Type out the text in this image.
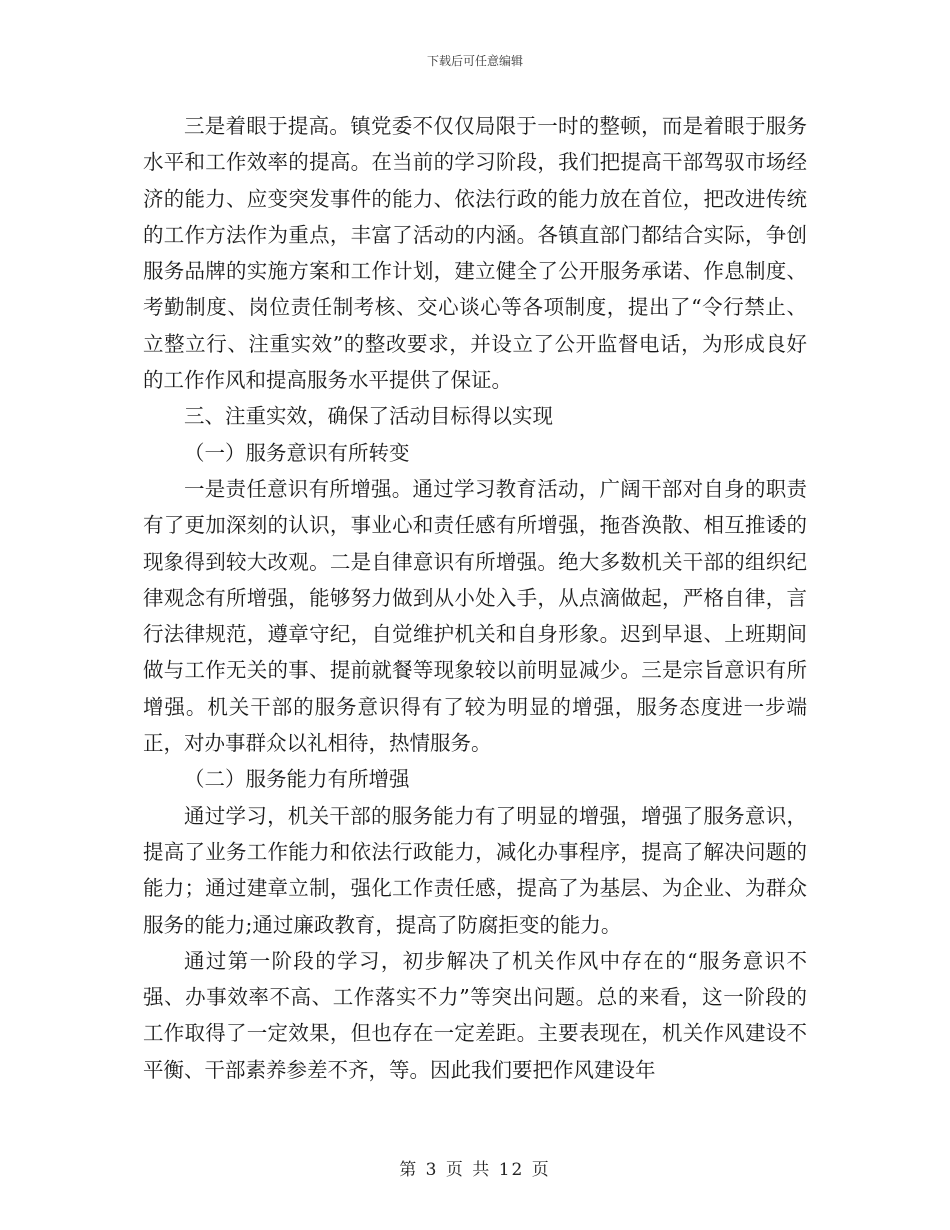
下载后可任意编辑

三是着眼于提高。镇党委不仅仅局限于一时的整顿，而是着眼于服务水平和工作效率的提高。在当前的学习阶段，我们把提高干部驾驭市场经济的能力、应变突发事件的能力、依法行政的能力放在首位，把改进传统的工作方法作为重点，丰富了活动的内涵。各镇直部门都结合实际，争创服务品牌的实施方案和工作计划，建立健全了公开服务承诺、作息制度、考勤制度、岗位责任制考核、交心谈心等各项制度，提出了“令行禁止、立整立行、注重实效”的整改要求，并设立了公开监督电话，为形成良好的工作作风和提高服务水平提供了保证。

三、注重实效，确保了活动目标得以实现

（一）服务意识有所转变

一是责任意识有所增强。通过学习教育活动，广阔干部对自身的职责有了更加深刻的认识，事业心和责任感有所增强，拖沓涣散、相互推诿的现象得到较大改观。二是自律意识有所增强。绝大多数机关干部的组织纪律观念有所增强，能够努力做到从小处入手，从点滴做起，严格自律，言行法律规范，遵章守纪，自觉维护机关和自身形象。迟到早退、上班期间做与工作无关的事、提前就餐等现象较以前明显减少。三是宗旨意识有所增强。机关干部的服务意识得有了较为明显的增强，服务态度进一步端正，对办事群众以礼相待，热情服务。

（二）服务能力有所增强

通过学习，机关干部的服务能力有了明显的增强，增强了服务意识，提高了业务工作能力和依法行政能力，减化办事程序，提高了解决问题的能力；通过建章立制，强化工作责任感，提高了为基层、为企业、为群众服务的能力;通过廉政教育，提高了防腐拒变的能力。

通过第一阶段的学习，初步解决了机关作风中存在的“服务意识不强、办事效率不高、工作落实不力”等突出问题。总的来看，这一阶段的工作取得了一定效果，但也存在一定差距。主要表现在，机关作风建设不平衡、干部素养参差不齐，等。因此我们要把作风建设年

第 3 页 共 12 页
